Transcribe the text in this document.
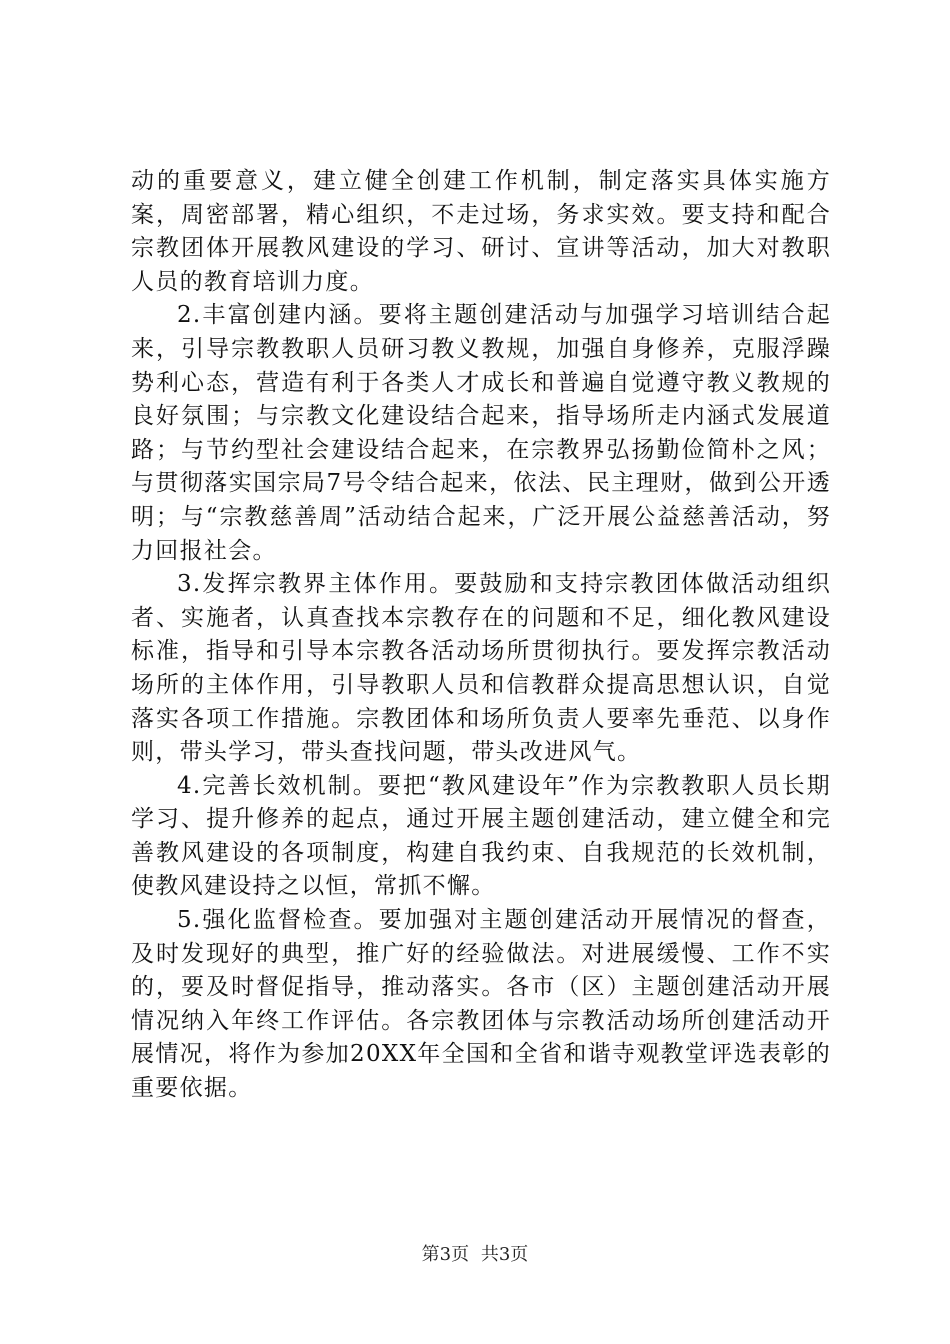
动的重要意义，建立健全创建工作机制，制定落实具体实施方案，周密部署，精心组织，不走过场，务求实效。要支持和配合宗教团体开展教风建设的学习、研讨、宣讲等活动，加大对教职人员的教育培训力度。

2.丰富创建内涵。要将主题创建活动与加强学习培训结合起来，引导宗教教职人员研习教义教规，加强自身修养，克服浮躁势利心态，营造有利于各类人才成长和普遍自觉遵守教义教规的良好氛围；与宗教文化建设结合起来，指导场所走内涵式发展道路；与节约型社会建设结合起来，在宗教界弘扬勤俭简朴之风；与贯彻落实国宗局7号令结合起来，依法、民主理财，做到公开透明；与“宗教慈善周”活动结合起来，广泛开展公益慈善活动，努力回报社会。

3.发挥宗教界主体作用。要鼓励和支持宗教团体做活动组织者、实施者，认真查找本宗教存在的问题和不足，细化教风建设标准，指导和引导本宗教各活动场所贯彻执行。要发挥宗教活动场所的主体作用，引导教职人员和信教群众提高思想认识，自觉落实各项工作措施。宗教团体和场所负责人要率先垂范、以身作则，带头学习，带头查找问题，带头改进风气。

4.完善长效机制。要把“教风建设年”作为宗教教职人员长期学习、提升修养的起点，通过开展主题创建活动，建立健全和完善教风建设的各项制度，构建自我约束、自我规范的长效机制，使教风建设持之以恒，常抓不懈。

5.强化监督检查。要加强对主题创建活动开展情况的督查，及时发现好的典型，推广好的经验做法。对进展缓慢、工作不实的，要及时督促指导，推动落实。各市（区）主题创建活动开展情况纳入年终工作评估。各宗教团体与宗教活动场所创建活动开展情况，将作为参加20XX年全国和全省和谐寺观教堂评选表彰的重要依据。

第3页 共3页
